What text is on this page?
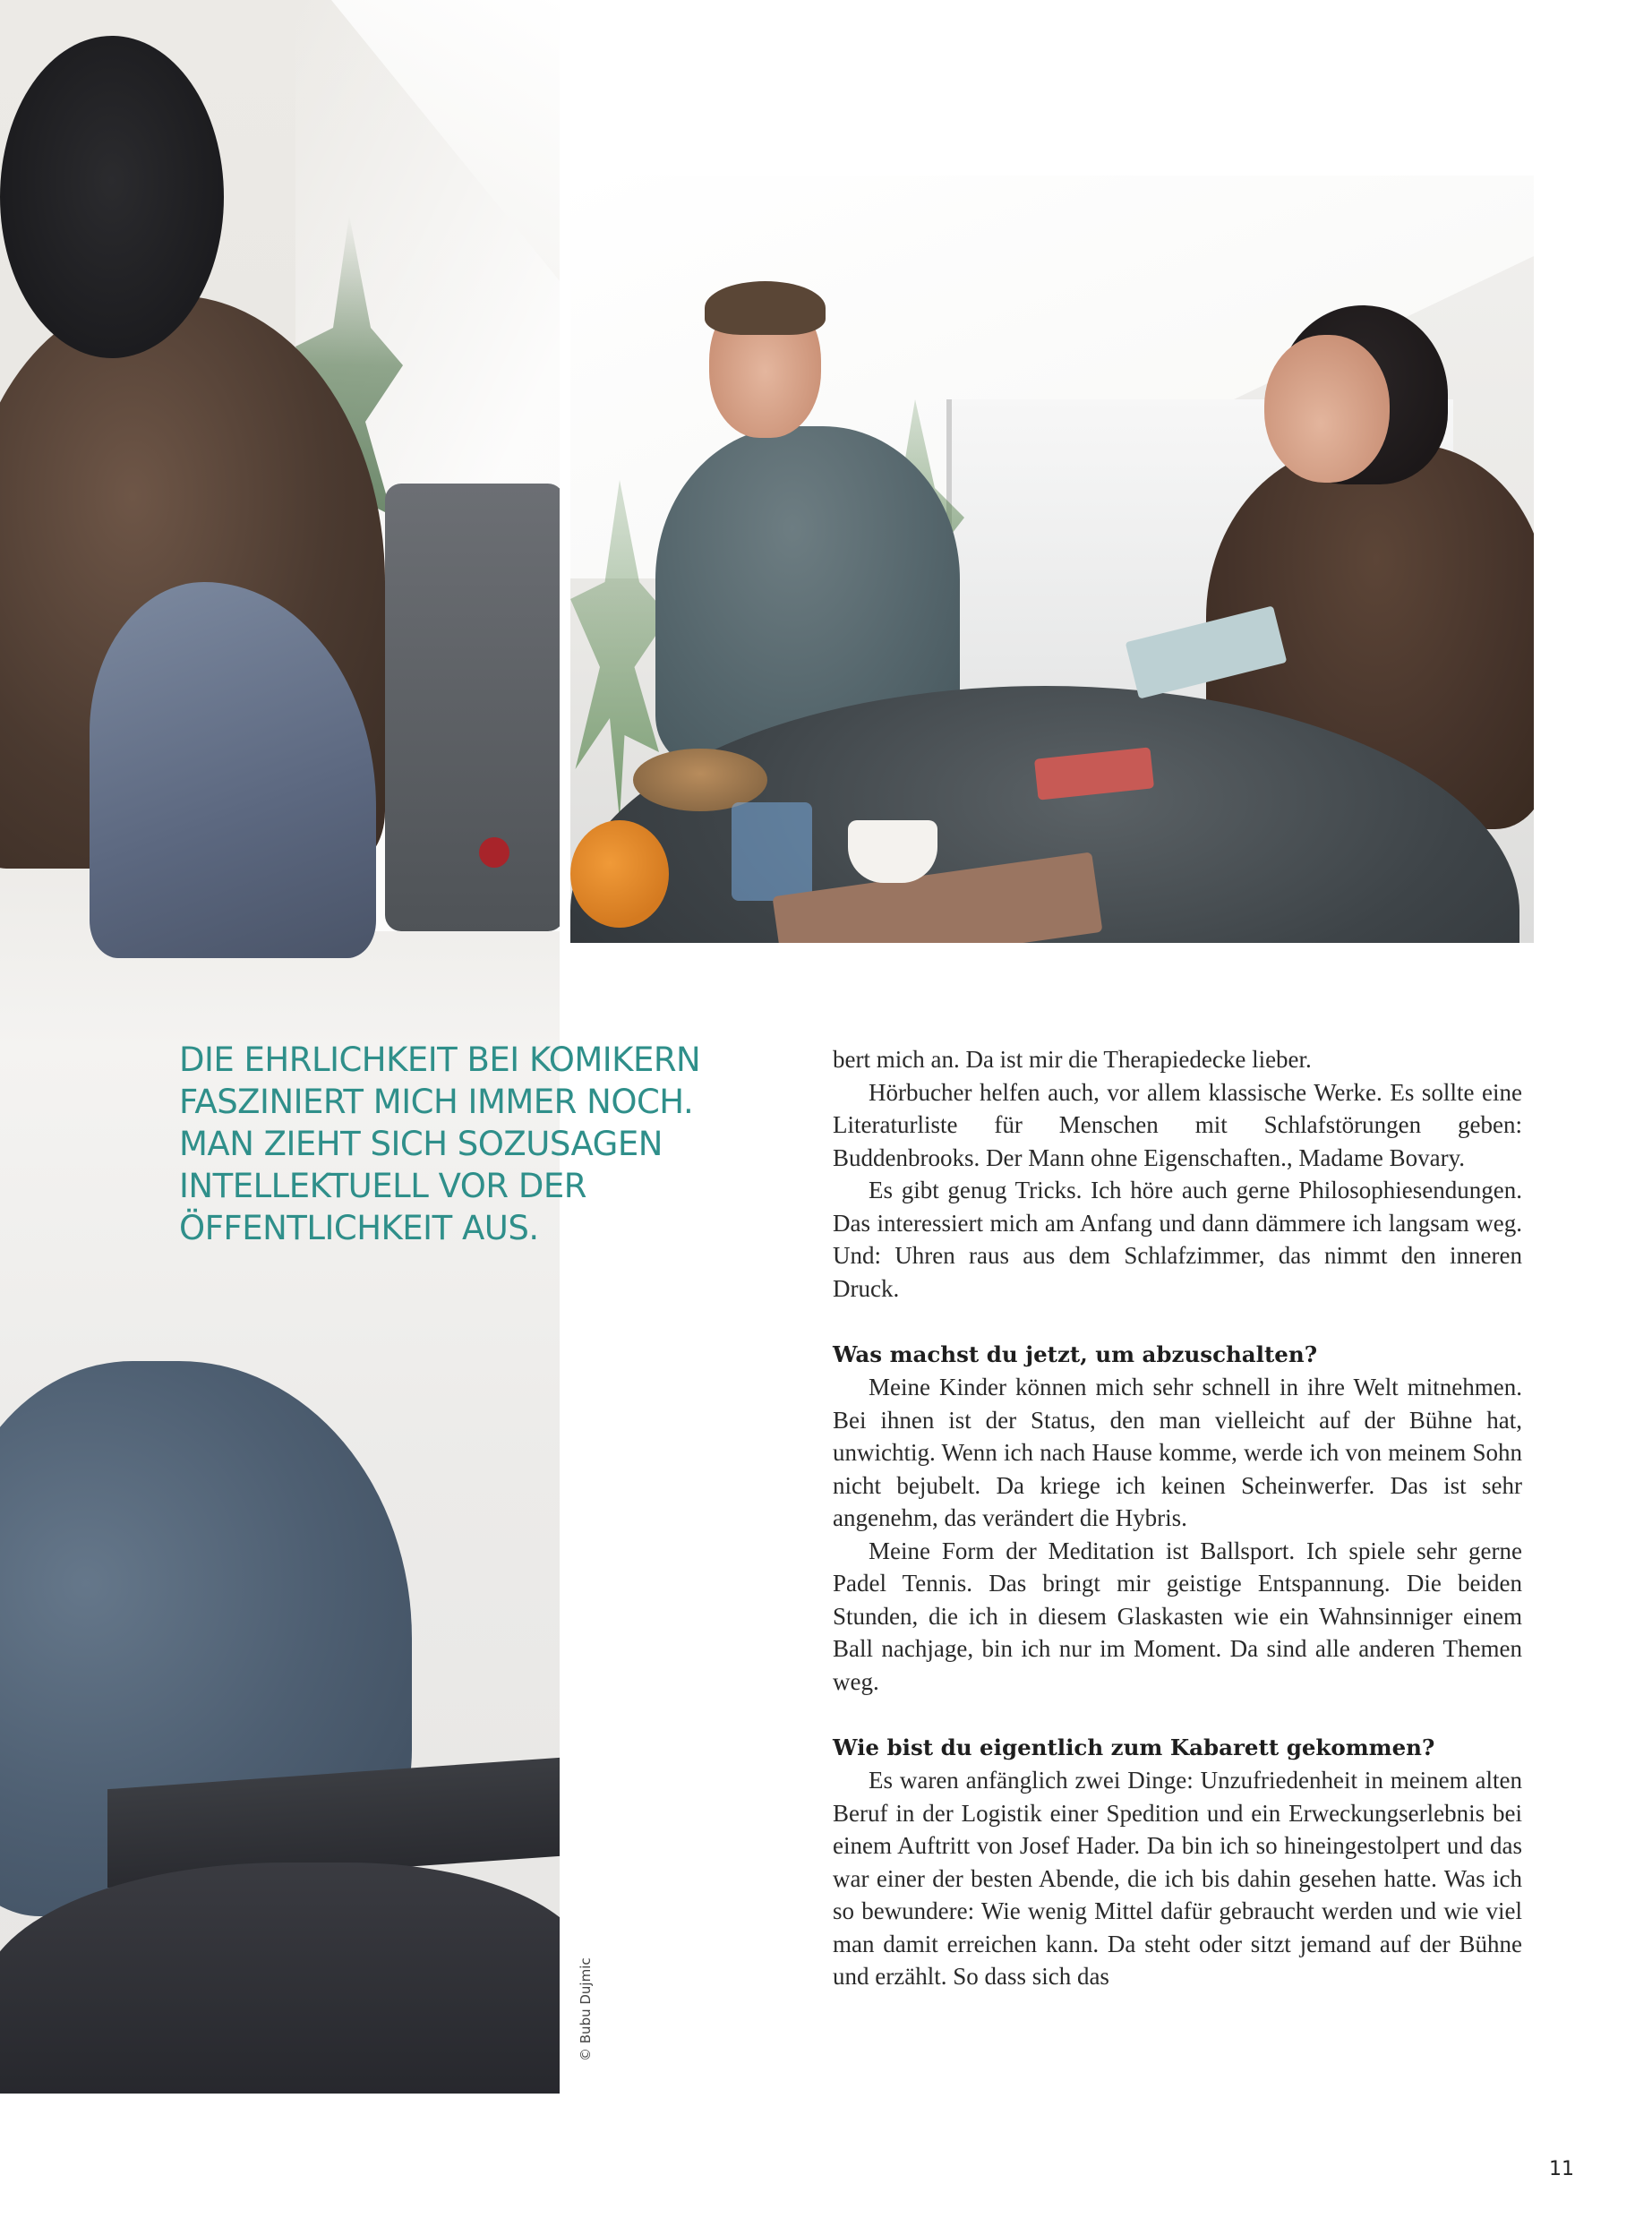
DIE EHRLICHKEIT BEI KOMIKERN
FASZINIERT MICH IMMER NOCH.
MAN ZIEHT SICH SOZUSAGEN
INTELLEKTUELL VOR DER
ÖFFENTLICHKEIT AUS.
© Bubu Dujmic

bert mich an. Da ist mir die Therapiedecke lieber.

Hörbucher helfen auch, vor allem klassische Werke. Es sollte eine Literaturliste für Menschen mit Schlafstörungen geben: Buddenbrooks. Der Mann ohne Eigenschaften., Madame Bovary.

Es gibt genug Tricks. Ich höre auch gerne Philosophiesendungen. Das interessiert mich am Anfang und dann dämmere ich langsam weg. Und: Uhren raus aus dem Schlafzimmer, das nimmt den inneren Druck.

Was machst du jetzt, um abzuschalten?

Meine Kinder können mich sehr schnell in ihre Welt mitnehmen. Bei ihnen ist der Status, den man vielleicht auf der Bühne hat, unwichtig. Wenn ich nach Hause komme, werde ich von meinem Sohn nicht bejubelt. Da kriege ich keinen Scheinwerfer. Das ist sehr angenehm, das verändert die Hybris.

Meine Form der Meditation ist Ballsport. Ich spiele sehr gerne Padel Tennis. Das bringt mir geistige Entspannung. Die beiden Stunden, die ich in diesem Glaskasten wie ein Wahnsinniger einem Ball nachjage, bin ich nur im Moment. Da sind alle anderen Themen weg.

Wie bist du eigentlich zum Kabarett gekommen?

Es waren anfänglich zwei Dinge: Unzufriedenheit in meinem alten Beruf in der Logistik einer Spedition und ein Erweckungserlebnis bei einem Auftritt von Josef Hader. Da bin ich so hineingestolpert und das war einer der besten Abende, die ich bis dahin gesehen hatte. Was ich so bewundere: Wie wenig Mittel dafür gebraucht werden und wie viel man damit erreichen kann. Da steht oder sitzt jemand auf der Bühne und erzählt. So dass sich das

11
